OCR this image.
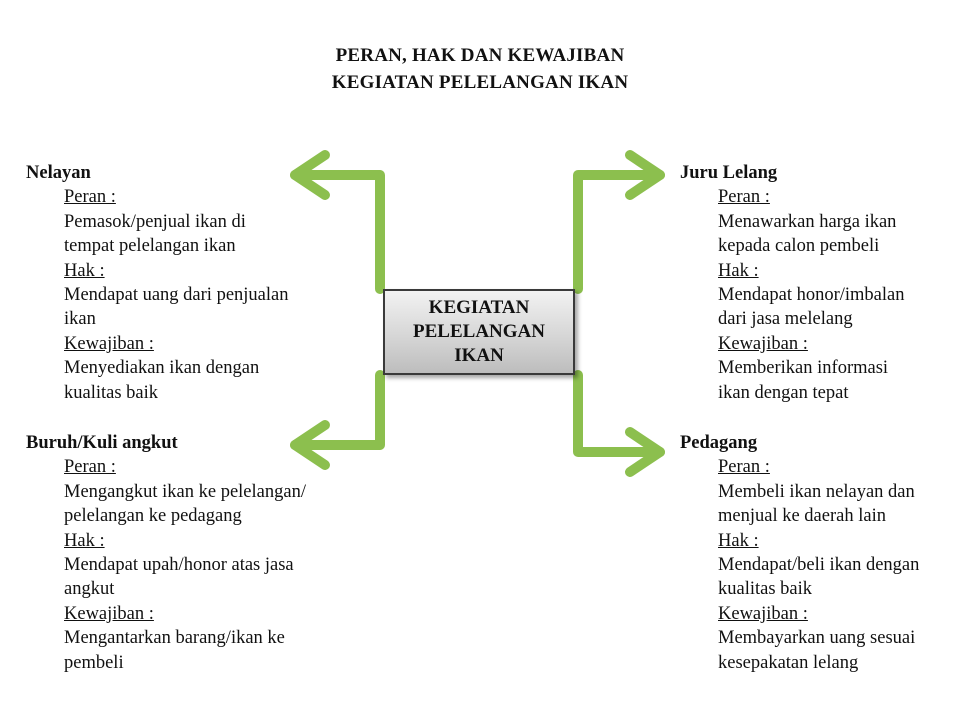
PERAN, HAK DAN KEWAJIBAN
KEGIATAN PELELANGAN IKAN
KEGIATAN
PELELANGAN
IKAN
Nelayan
Peran :
Pemasok/penjual ikan di
tempat pelelangan ikan
Hak :
Mendapat uang dari penjualan
ikan
Kewajiban :
Menyediakan ikan dengan
kualitas baik
Buruh/Kuli angkut
Peran :
Mengangkut ikan ke pelelangan/
pelelangan ke pedagang
Hak :
Mendapat upah/honor atas jasa
angkut
Kewajiban :
Mengantarkan barang/ikan ke
pembeli
Juru Lelang
Peran :
Menawarkan harga ikan
kepada calon pembeli
Hak :
Mendapat honor/imbalan
dari jasa melelang
Kewajiban :
Memberikan informasi
ikan dengan tepat
Pedagang
Peran :
Membeli ikan nelayan dan
menjual ke daerah lain
Hak :
Mendapat/beli ikan dengan
kualitas baik
Kewajiban :
Membayarkan uang sesuai
kesepakatan lelang
